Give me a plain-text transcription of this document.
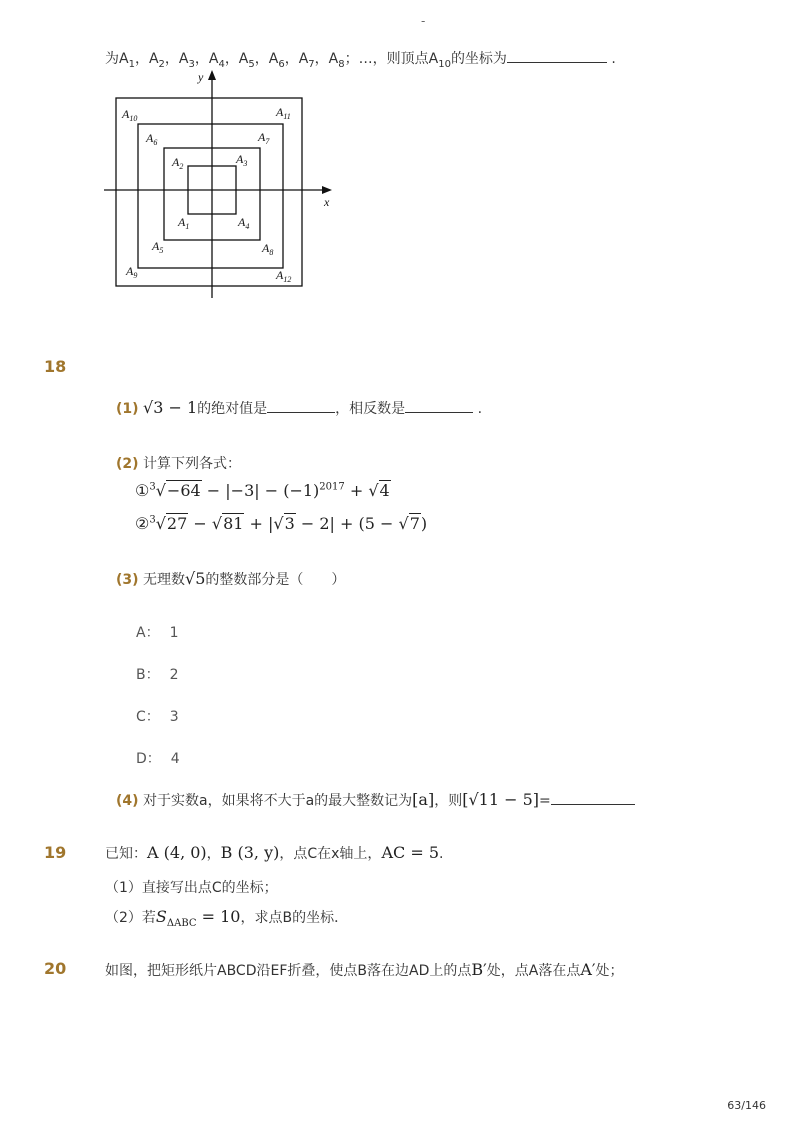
-
为$A_1$，$A_2$，$A_3$，$A_4$，$A_5$，$A_6$，$A_7$，$A_8$；…，则顶点$A_{10}$的坐标为	.
x
y
$A_{10}$	$A_{11}$
$A_6$	$A_7$
$A_2$
$A_3$
$A_1$	$A_4$
$A_5$	$A_8$
$A_9$	$A_{12}$
18
(1) √3 − 1的绝对值是	，相反数是	.
(2) 计算下列各式：
①$^3$√−64 − $|-3| - (-1)^{2017} + √4$
②$^3$√27 − √81 + |√3 − 2| + (5 − √7)
(3) 无理数√5的整数部分是（　　）
A： 1
B： 2
C： 3
D： 4
(4) 对于实数a，如果将不大于a的最大整数记为[a]，则[√11 − 5]=
19	已知：A (4, 0)，B (3, y)，点C在x轴上，AC = 5.
（1）直接写出点C的坐标；
（2）若$S_{\Delta ABC} = 10$，求点B的坐标．
20	如图，把矩形纸片ABCD沿EF折叠，使点B落在边AD上的点B′处，点A落在点A′处；
63/146
